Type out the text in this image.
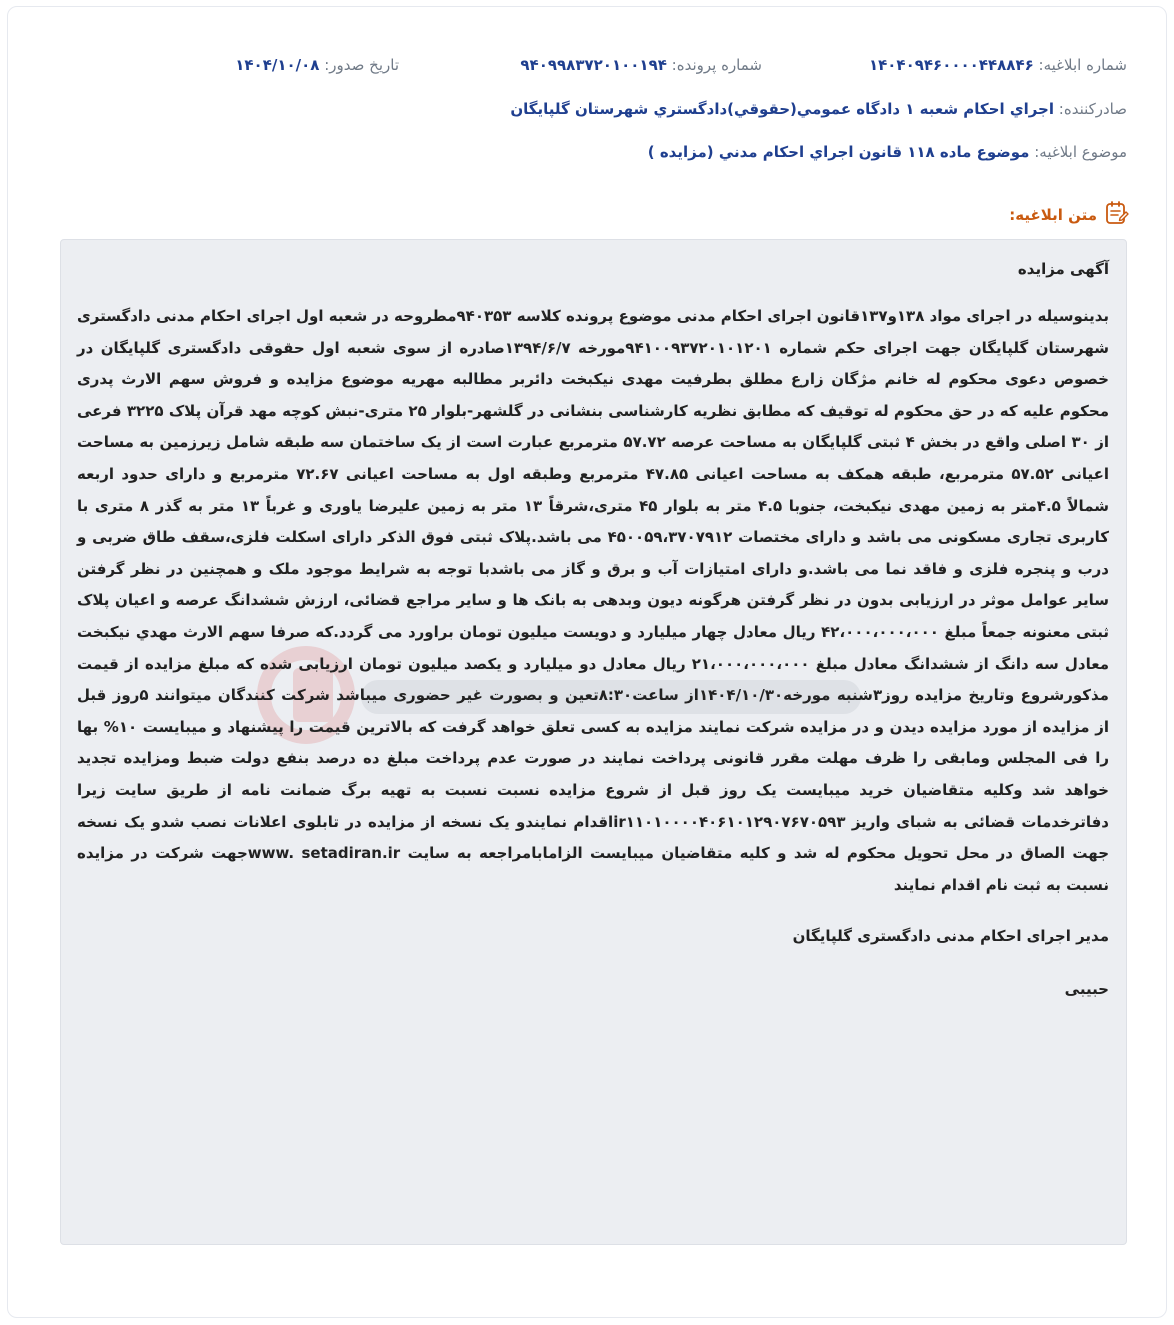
شماره ابلاغیه: ۱۴۰۴۰۹۴۶۰۰۰۰۴۴۸۸۴۶
شماره پرونده: ۹۴۰۹۹۸۳۷۲۰۱۰۰۱۹۴
تاریخ صدور: ۱۴۰۴/۱۰/۰۸
صادرکننده: اجراي احکام شعبه ۱ دادگاه عمومي(حقوقي)دادگستري شهرستان گلپايگان
موضوع ابلاغیه: موضوع ماده ۱۱۸ قانون اجراي احکام مدني (مزايده )
متن ابلاغیه:
آگهی مزایده
بدینوسیله در اجرای مواد ۱۳۸و۱۳۷قانون اجرای احکام مدنی موضوع پرونده کلاسه ۹۴۰۳۵۳مطروحه در شعبه اول اجرای احکام مدنی دادگستری شهرستان گلپایگان جهت اجرای حکم شماره ۹۴۱۰۰۹۳۷۲۰۱۰۱۲۰۱مورخه ۱۳۹۴/۶/۷صادره از سوی شعبه اول حقوقی دادگستری گلپایگان در خصوص دعوی محکوم له خانم مژگان زارع مطلق بطرفیت مهدی نیکبخت دائربر مطالبه مهریه موضوع مزایده و فروش سهم الارث پدری محکوم علیه که در حق محکوم له توقیف که مطابق نظریه کارشناسی بنشانی در گلشهر-بلوار ۲۵ متری-نبش کوچه مهد قرآن پلاک ۳۲۲۵ فرعی از ۳۰ اصلی واقع در بخش ۴ ثبتی گلپایگان به مساحت عرصه ۵۷.۷۲ مترمربع عبارت است از یک ساختمان سه طبقه شامل زیرزمین به مساحت اعیانی ۵۷.۵۲ مترمربع، طبقه همکف به مساحت اعیانی ۴۷.۸۵ مترمربع وطبقه اول به مساحت اعیانی ۷۲.۶۷ مترمربع و دارای حدود اربعه شمالاً ۴.۵متر به زمین مهدی نیکبخت، جنوبا ۴.۵ متر به بلوار ۴۵ متری،شرقاً ۱۳ متر به زمین علیرضا یاوری و غرباً ۱۳ متر به گذر ۸ متری با کاربری تجاری مسکونی می باشد و دارای مختصات ۴۵۰۰۵۹،۳۷۰۷۹۱۲ می باشد.پلاک ثبتی فوق الذکر دارای اسکلت فلزی،سقف طاق ضربی و درب و پنجره فلزی و فاقد نما می باشد.و دارای امتیازات آب و برق و گاز می باشدبا توجه به شرایط موجود ملک و همچنین در نظر گرفتن سایر عوامل موثر در ارزیابی بدون در نظر گرفتن هرگونه دیون وبدهی به بانک ها و سایر مراجع قضائی، ارزش ششدانگ عرصه و اعیان پلاک ثبتی معنونه جمعاً مبلغ ۴۲،۰۰۰،۰۰۰،۰۰۰ ریال معادل چهار میلیارد و دویست میلیون تومان براورد می گردد.که صرفا سهم الارث مهدي نيكبخت معادل سه دانگ از ششدانگ معادل مبلغ ۲۱،۰۰۰،۰۰۰،۰۰۰ ریال معادل دو میلیارد و یکصد میلیون تومان ارزیابی شده که مبلغ مزایده از قیمت مذکورشروع وتاریخ مزایده روز۳شنبه مورخه۱۴۰۴/۱۰/۳۰از ساعت۸:۳۰تعین و بصورت غیر حضوری میباشد شرکت کنندگان میتوانند ۵روز قبل از مزایده از مورد مزایده دیدن و در مزایده شرکت نمایند مزایده به کسی تعلق خواهد گرفت که بالاترین قیمت را پیشنهاد و میبایست ۱۰% بها را فی المجلس ومابقی را ظرف مهلت مقرر قانونی پرداخت نمایند در صورت عدم پرداخت مبلغ ده درصد بنفع دولت ضبط ومزایده تجدید خواهد شد وکلیه متقاضیان خرید میبایست یک روز قبل از شروع مزایده نسبت نسبت به تهیه برگ ضمانت نامه از طریق سایت زیرا دفاترخدمات قضائی به شبای واریز ir۱۱۰۱۰۰۰۰۴۰۶۱۰۱۲۹۰۷۶۷۰۵۹۳اقدام نمایندو یک نسخه از مزایده در تابلوی اعلانات نصب شدو یک نسخه جهت الصاق در محل تحویل محکوم له شد و کلیه متقاضیان میبایست الزامابامراجعه به سایت www. setadiran.irجهت شرکت در مزایده نسبت به ثبت نام اقدام نمایند
مدیر اجرای احکام مدنی دادگستری گلپایگان
حبیبی
